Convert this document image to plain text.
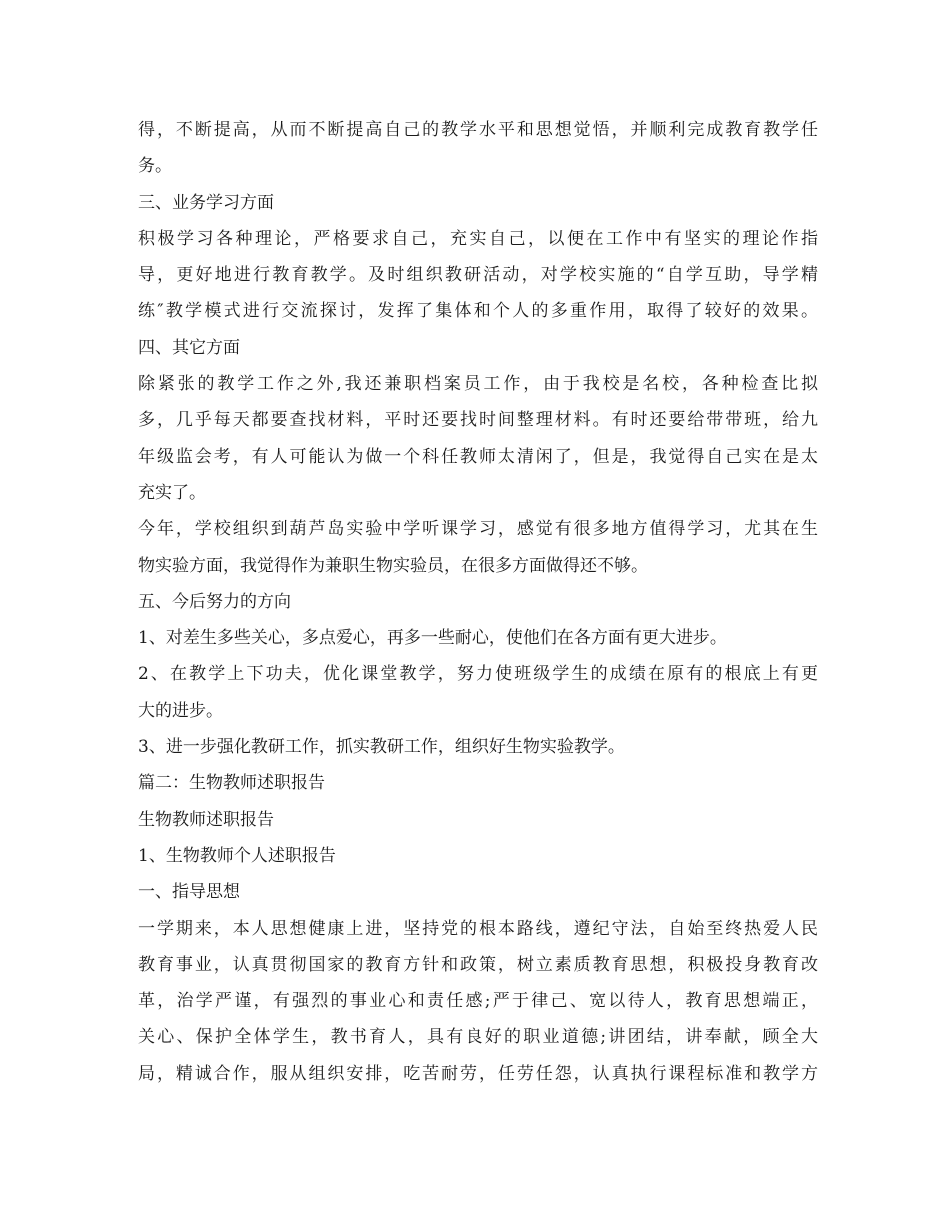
得，不断提高，从而不断提高自己的教学水平和思想觉悟，并顺利完成教育教学任
务。
三、业务学习方面
积极学习各种理论，严格要求自己，充实自己，以便在工作中有坚实的理论作指
导，更好地进行教育教学。及时组织教研活动，对学校实施的“自学互助，导学精
练″教学模式进行交流探讨，发挥了集体和个人的多重作用，取得了较好的效果。
四、其它方面
除紧张的教学工作之外,我还兼职档案员工作，由于我校是名校，各种检查比拟
多，几乎每天都要查找材料，平时还要找时间整理材料。有时还要给带带班，给九
年级监会考，有人可能认为做一个科任教师太清闲了，但是，我觉得自己实在是太
充实了。
今年，学校组织到葫芦岛实验中学听课学习，感觉有很多地方值得学习，尤其在生
物实验方面，我觉得作为兼职生物实验员，在很多方面做得还不够。
五、今后努力的方向
1、对差生多些关心，多点爱心，再多一些耐心，使他们在各方面有更大进步。
2、在教学上下功夫，优化课堂教学，努力使班级学生的成绩在原有的根底上有更
大的进步。
3、进一步强化教研工作，抓实教研工作，组织好生物实验教学。
篇二：生物教师述职报告
生物教师述职报告
1、生物教师个人述职报告
一、指导思想
一学期来，本人思想健康上进，坚持党的根本路线，遵纪守法，自始至终热爱人民
教育事业，认真贯彻国家的教育方针和政策，树立素质教育思想，积极投身教育改
革，治学严谨，有强烈的事业心和责任感;严于律己、宽以待人，教育思想端正，
关心、保护全体学生，教书育人，具有良好的职业道德;讲团结，讲奉献，顾全大
局，精诚合作，服从组织安排，吃苦耐劳，任劳任怨，认真执行课程标准和教学方
